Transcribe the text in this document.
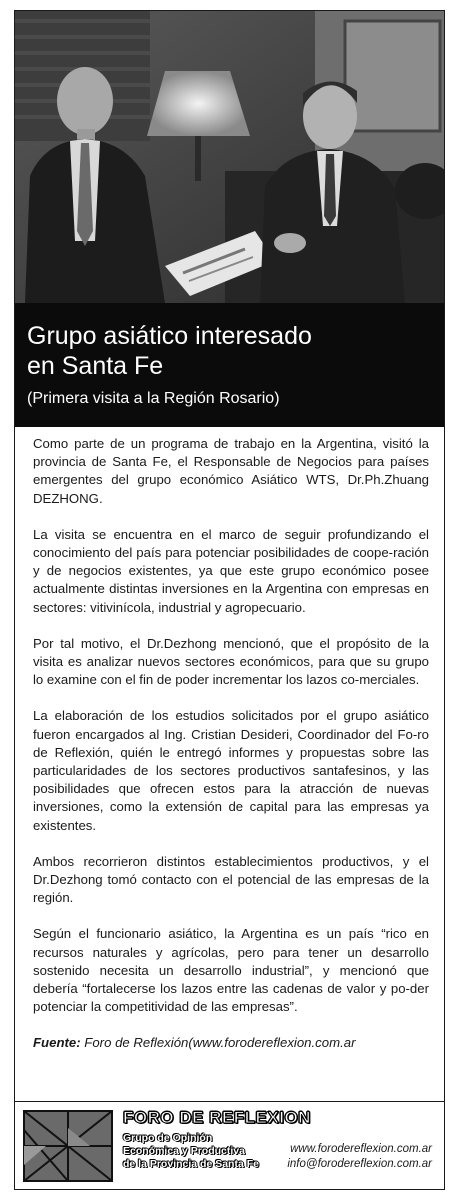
Grupo asiático interesado
en Santa Fe
(Primera visita a la Región Rosario)

Como parte de un programa de trabajo en la Argentina, visitó la provincia de Santa Fe, el Responsable de Negocios para países emergentes del grupo económico Asiático WTS, Dr.Ph.Zhuang DEZHONG.

La visita se encuentra en el marco de seguir profundizando el conocimiento del país para potenciar posibilidades de coope-ración y de negocios existentes, ya que este grupo económico posee actualmente distintas inversiones en la Argentina con empresas en sectores: vitivinícola, industrial y agropecuario.

Por tal motivo, el Dr.Dezhong mencionó, que el propósito de la visita es analizar nuevos sectores económicos, para que su grupo lo examine con el fin de poder incrementar los lazos co-merciales.

La elaboración de los estudios solicitados por el grupo asiático fueron encargados al Ing. Cristian Desideri, Coordinador del Fo-ro de Reflexión, quién le entregó informes y propuestas sobre las particularidades de los sectores productivos santafesinos, y las posibilidades que ofrecen estos para la atracción de nuevas inversiones, como la extensión de capital para las empresas ya existentes.

Ambos recorrieron distintos establecimientos productivos, y el Dr.Dezhong tomó contacto con el potencial de las empresas de la región.

Según el funcionario asiático, la Argentina es un país “rico en recursos naturales y agrícolas, pero para tener un desarrollo sostenido necesita un desarrollo industrial”, y mencionó que debería “fortalecerse los lazos entre las cadenas de valor y po-der potenciar la competitividad de las empresas”.

Fuente: Foro de Reflexión(www.forodereflexion.com.ar

FORO DE REFLEXION
Grupo de Opinión
Económica y Productiva
de la Provincia de Santa Fe
www.forodereflexion.com.ar
info@forodereflexion.com.ar
